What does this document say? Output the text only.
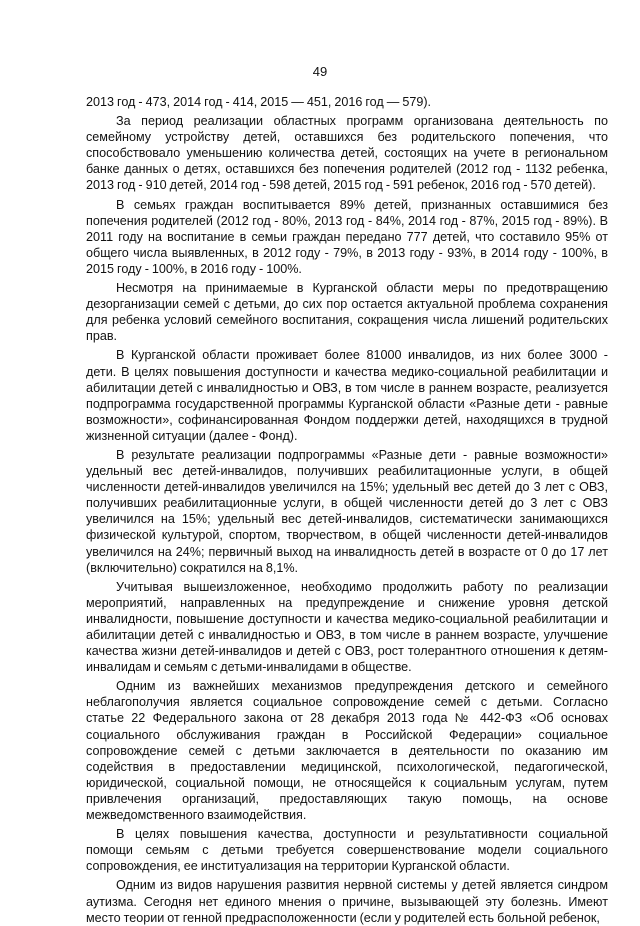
49

2013 год - 473, 2014 год - 414, 2015 — 451, 2016 год — 579).

За период реализации областных программ организована деятельность по

семейному устройству детей, оставшихся без родительского попечения, что

способствовало уменьшению количества детей, состоящих на учете в региональном

банке данных о детях, оставшихся без попечения родителей (2012 год - 1132 ребенка,

2013 год - 910 детей, 2014 год - 598 детей, 2015 год - 591 ребенок, 2016 год - 570 детей).

В семьях граждан воспитывается 89% детей, признанных оставшимися без

попечения родителей (2012 год - 80%, 2013 год - 84%, 2014 год - 87%, 2015 год - 89%). В

2011 году на воспитание в семьи граждан передано 777 детей, что составило 95% от

общего числа выявленных, в 2012 году - 79%, в 2013 году - 93%, в 2014 году - 100%, в

2015 году - 100%, в 2016 году - 100%.

Несмотря на принимаемые в Курганской области меры по предотвращению

дезорганизации семей с детьми, до сих пор остается актуальной проблема сохранения

для ребенка условий семейного воспитания, сокращения числа лишений родительских

прав.

В Курганской области проживает более 81000 инвалидов, из них более 3000 -

дети. В целях повышения доступности и качества медико-социальной реабилитации и

абилитации детей с инвалидностью и ОВЗ, в том числе в раннем возрасте, реализуется

подпрограмма государственной программы Курганской области «Разные дети - равные

возможности», софинансированная Фондом поддержки детей, находящихся в трудной

жизненной ситуации (далее - Фонд).

В результате реализации подпрограммы «Разные дети - равные возможности»

удельный вес детей-инвалидов, получивших реабилитационные услуги, в общей

численности детей-инвалидов увеличился на 15%; удельный вес детей до 3 лет с ОВЗ,

получивших реабилитационные услуги, в общей численности детей до 3 лет с ОВЗ

увеличился на 15%; удельный вес детей-инвалидов, систематически занимающихся

физической культурой, спортом, творчеством, в общей численности детей-инвалидов

увеличился на 24%; первичный выход на инвалидность детей в возрасте от 0 до 17 лет

(включительно) сократился на 8,1%.

Учитывая вышеизложенное, необходимо продолжить работу по реализации

мероприятий, направленных на предупреждение и снижение уровня детской

инвалидности, повышение доступности и качества медико-социальной реабилитации и

абилитации детей с инвалидностью и ОВЗ, в том числе в раннем возрасте, улучшение

качества жизни детей-инвалидов и детей с ОВЗ, рост толерантного отношения к детям-

инвалидам и семьям с детьми-инвалидами в обществе.

Одним из важнейших механизмов предупреждения детского и семейного

неблагополучия является социальное сопровождение семей с детьми. Согласно

статье 22 Федерального закона от 28 декабря 2013 года № 442-ФЗ «Об основах

социального обслуживания граждан в Российской Федерации» социальное

сопровождение семей с детьми заключается в деятельности по оказанию им

содействия в предоставлении медицинской, психологической, педагогической,

юридической, социальной помощи, не относящейся к социальным услугам, путем

привлечения организаций, предоставляющих такую помощь, на основе

межведомственного взаимодействия.

В целях повышения качества, доступности и результативности социальной

помощи семьям с детьми требуется совершенствование модели социального

сопровождения, ее институализация на территории Курганской области.

Одним из видов нарушения развития нервной системы у детей является синдром

аутизма. Сегодня нет единого мнения о причине, вызывающей эту болезнь. Имеют

место теории от генной предрасположенности (если у родителей есть больной ребенок,
